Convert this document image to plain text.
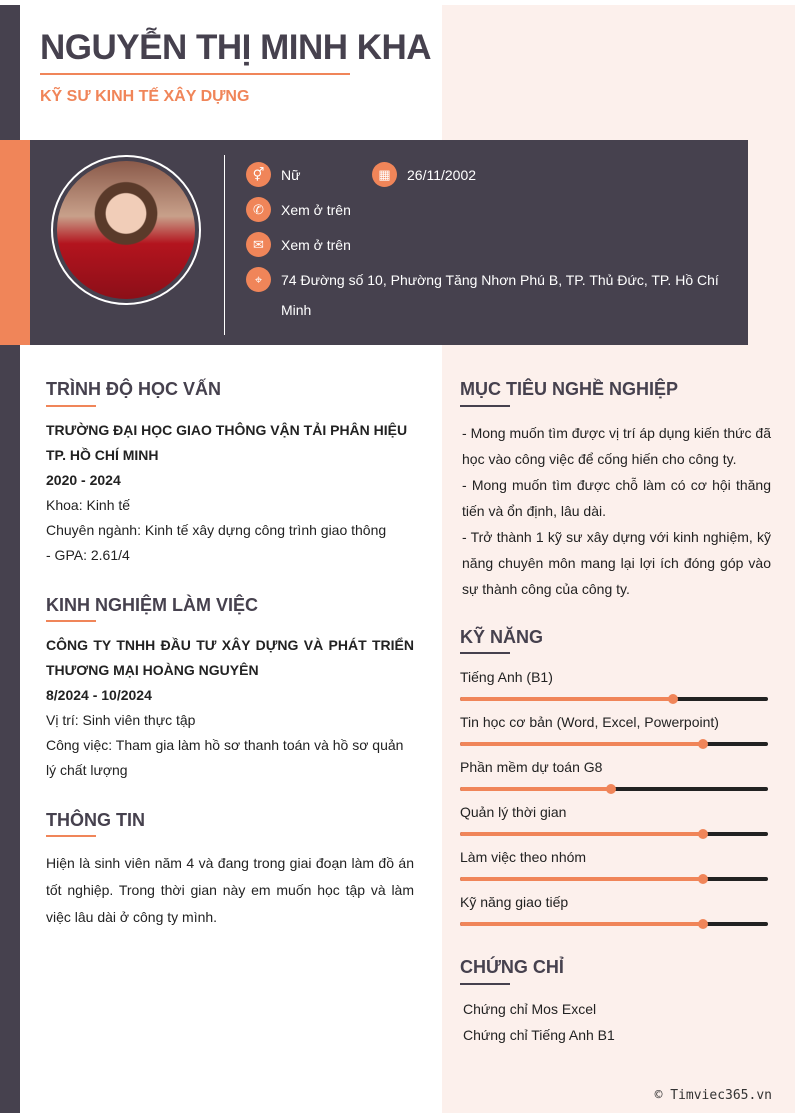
NGUYỄN THỊ MINH KHA
KỸ SƯ KINH TẾ XÂY DỰNG
⚥	Nữ	▦	26/11/2002
✆	Xem ở trên
✉	Xem ở trên
⌖	74 Đường số 10, Phường Tăng Nhơn Phú B, TP. Thủ Đức, TP. Hồ Chí Minh
TRÌNH ĐỘ HỌC VẤN
TRƯỜNG ĐẠI HỌC GIAO THÔNG VẬN TẢI PHÂN HIỆU TP. HỒ CHÍ MINH
2020 - 2024
Khoa: Kinh tế
Chuyên ngành: Kinh tế xây dựng công trình giao thông
- GPA: 2.61/4
KINH NGHIỆM LÀM VIỆC
CÔNG TY TNHH ĐẦU TƯ XÂY DỰNG VÀ PHÁT TRIỂN THƯƠNG MẠI HOÀNG NGUYÊN
8/2024 - 10/2024
Vị trí: Sinh viên thực tập
Công việc: Tham gia làm hồ sơ thanh toán và hồ sơ quản lý chất lượng
THÔNG TIN
Hiện là sinh viên năm 4 và đang trong giai đoạn làm đồ án tốt nghiệp. Trong thời gian này em muốn học tập và làm việc lâu dài ở công ty mình.
MỤC TIÊU NGHỀ NGHIỆP
- Mong muốn tìm được vị trí áp dụng kiến thức đã học vào công việc để cống hiến cho công ty.
- Mong muốn tìm được chỗ làm có cơ hội thăng tiến và ổn định, lâu dài.
- Trở thành 1 kỹ sư xây dựng với kinh nghiệm, kỹ năng chuyên môn mang lại lợi ích đóng góp vào sự thành công của công ty.
KỸ NĂNG
Tiếng Anh (B1)
Tin học cơ bản (Word, Excel, Powerpoint)
Phần mềm dự toán G8
Quản lý thời gian
Làm việc theo nhóm
Kỹ năng giao tiếp
CHỨNG CHỈ
Chứng chỉ Mos Excel
Chứng chỉ Tiếng Anh B1
© Timviec365.vn
